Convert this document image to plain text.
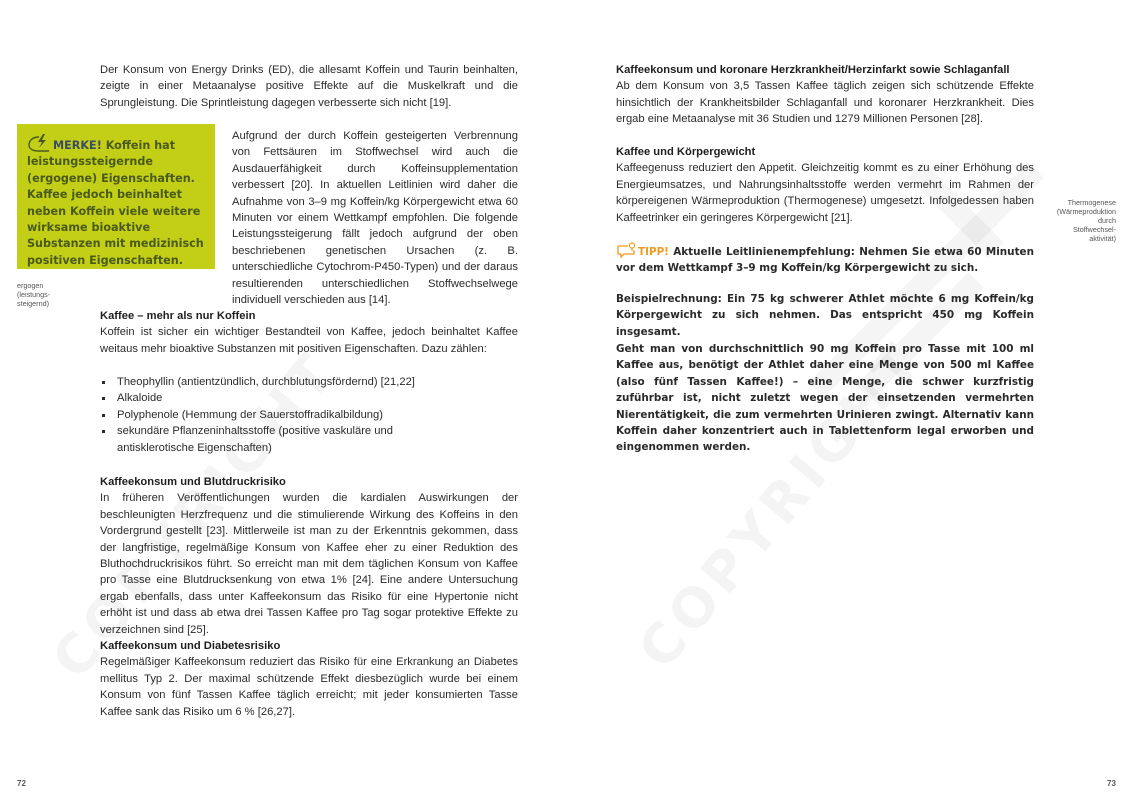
Der Konsum von Energy Drinks (ED), die allesamt Koffein und Taurin beinhalten, zeigte in einer Metaanalyse positive Effekte auf die Muskelkraft und die Sprungleistung. Die Sprintleistung dagegen verbesserte sich nicht [19].

MERKE! Koffein hat leistungssteigernde (ergogene) Eigenschaften. Kaffee jedoch beinhaltet neben Koffein viele weitere wirksame bioaktive Substanzen mit medizinisch positiven Eigenschaften.
ergogen
(leistungs-
steigernd)

Aufgrund der durch Koffein gesteigerten Verbrennung von Fettsäuren im Stoffwechsel wird auch die Ausdauerfähigkeit durch Koffeinsupplementation verbessert [20]. In aktuellen Leitlinien wird daher die Aufnahme von 3–9 mg Koffein/kg Körpergewicht etwa 60 Minuten vor einem Wettkampf empfohlen. Die folgende Leistungssteigerung fällt jedoch aufgrund der oben beschriebenen genetischen Ursachen (z. B. unterschiedliche Cytochrom-P450-Typen) und der daraus resultierenden unterschiedlichen Stoffwechselwege individuell verschieden aus [14].

Kaffee – mehr als nur Koffein

Koffein ist sicher ein wichtiger Bestandteil von Kaffee, jedoch beinhaltet Kaffee weitaus mehr bioaktive Substanzen mit positiven Eigenschaften. Dazu zählen:

Theophyllin (antientzündlich, durchblutungsfördernd) [21,22]
Alkaloide
Polyphenole (Hemmung der Sauerstoffradikalbildung)
sekundäre Pflanzeninhaltsstoffe (positive vaskuläre und antisklerotische Eigenschaften)
Kaffeekonsum und Blutdruckrisiko

In früheren Veröffentlichungen wurden die kardialen Auswirkungen der beschleunigten Herzfrequenz und die stimulierende Wirkung des Koffeins in den Vordergrund gestellt [23]. Mittlerweile ist man zu der Erkenntnis gekommen, dass der langfristige, regelmäßige Konsum von Kaffee eher zu einer Reduktion des Bluthochdruckrisikos führt. So erreicht man mit dem täglichen Konsum von Kaffee pro Tasse eine Blutdrucksenkung von etwa 1% [24]. Eine andere Untersuchung ergab ebenfalls, dass unter Kaffeekonsum das Risiko für eine Hypertonie nicht erhöht ist und dass ab etwa drei Tassen Kaffee pro Tag sogar protektive Effekte zu verzeichnen sind [25].

Kaffeekonsum und Diabetesrisiko

Regelmäßiger Kaffeekonsum reduziert das Risiko für eine Erkrankung an Diabetes mellitus Typ 2. Der maximal schützende Effekt diesbezüglich wurde bei einem Konsum von fünf Tassen Kaffee täglich erreicht; mit jeder konsumierten Tasse Kaffee sank das Risiko um 6 % [26,27].

72
Kaffeekonsum und koronare Herzkrankheit/Herzinfarkt sowie Schlaganfall

Ab dem Konsum von 3,5 Tassen Kaffee täglich zeigen sich schützende Effekte hinsichtlich der Krankheitsbilder Schlaganfall und koronarer Herzkrankheit. Dies ergab eine Metaanalyse mit 36 Studien und 1279 Millionen Personen [28].

Kaffee und Körpergewicht

Kaffeegenuss reduziert den Appetit. Gleichzeitig kommt es zu einer Erhöhung des Energieumsatzes, und Nahrungsinhaltsstoffe werden vermehrt im Rahmen der körpereigenen Wärmeproduktion (Thermogenese) umgesetzt. Infolgedessen haben Kaffeetrinker ein geringeres Körpergewicht [21].

Thermogenese
(Wärmeproduktion
durch
Stoffwechsel-
aktivität)
TIPP! Aktuelle Leitlinienempfehlung: Nehmen Sie etwa 60 Minuten vor dem Wettkampf 3–9 mg Koffein/kg Körpergewicht zu sich.

Beispielrechnung: Ein 75 kg schwerer Athlet möchte 6 mg Koffein/kg Körpergewicht zu sich nehmen. Das entspricht 450 mg Koffein insgesamt.

Geht man von durchschnittlich 90 mg Koffein pro Tasse mit 100 ml Kaffee aus, benötigt der Athlet daher eine Menge von 500 ml Kaffee (also fünf Tassen Kaffee!) – eine Menge, die schwer kurzfristig zuführbar ist, nicht zuletzt wegen der einsetzenden vermehrten Nierentätigkeit, die zum vermehrten Urinieren zwingt. Alternativ kann Koffein daher konzentriert auch in Tablettenform legal erworben und eingenommen werden.

73
